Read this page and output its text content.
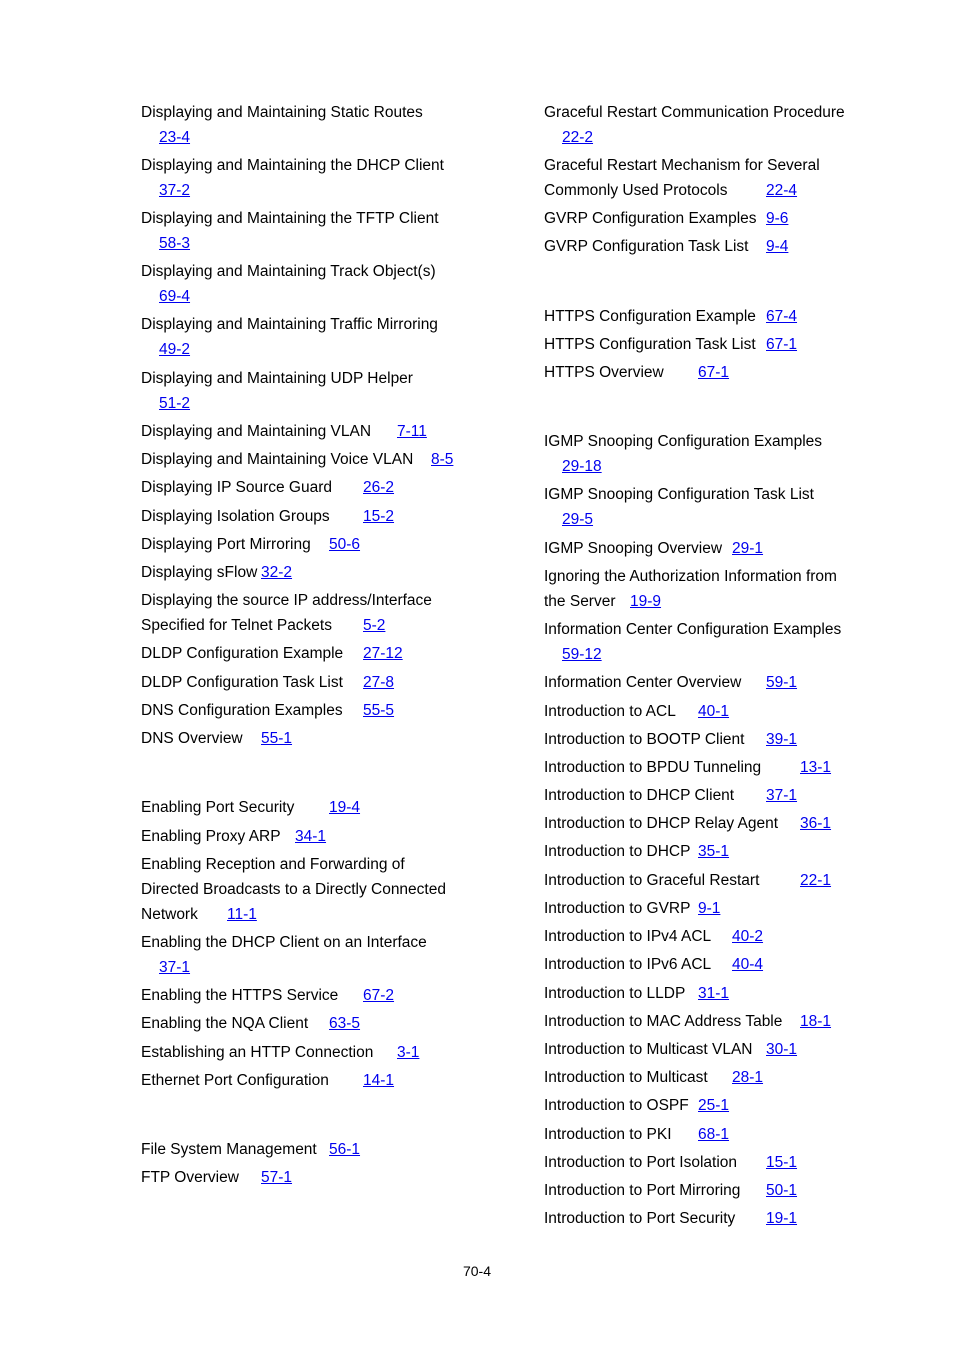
Displaying and Maintaining Static Routes
23-4
Displaying and Maintaining the DHCP Client
37-2
Displaying and Maintaining the TFTP Client
58-3
Displaying and Maintaining Track Object(s)
69-4
Displaying and Maintaining Traffic Mirroring
49-2
Displaying and Maintaining UDP Helper
51-2
Displaying and Maintaining VLAN 7-11
Displaying and Maintaining Voice VLAN 8-5
Displaying IP Source Guard 26-2
Displaying Isolation Groups 15-2
Displaying Port Mirroring 50-6
Displaying sFlow 32-2
Displaying the source IP address/Interface
Specified for Telnet Packets 5-2
DLDP Configuration Example 27-12
DLDP Configuration Task List 27-8
DNS Configuration Examples 55-5
DNS Overview 55-1
Enabling Port Security 19-4
Enabling Proxy ARP 34-1
Enabling Reception and Forwarding of
Directed Broadcasts to a Directly Connected
Network 11-1
Enabling the DHCP Client on an Interface
37-1
Enabling the HTTPS Service 67-2
Enabling the NQA Client 63-5
Establishing an HTTP Connection 3-1
Ethernet Port Configuration 14-1
File System Management 56-1
FTP Overview 57-1
Graceful Restart Communication Procedure
22-2
Graceful Restart Mechanism for Several
Commonly Used Protocols 22-4
GVRP Configuration Examples 9-6
GVRP Configuration Task List 9-4
HTTPS Configuration Example 67-4
HTTPS Configuration Task List 67-1
HTTPS Overview 67-1
IGMP Snooping Configuration Examples
29-18
IGMP Snooping Configuration Task List
29-5
IGMP Snooping Overview 29-1
Ignoring the Authorization Information from
the Server 19-9
Information Center Configuration Examples
59-12
Information Center Overview 59-1
Introduction to ACL 40-1
Introduction to BOOTP Client 39-1
Introduction to BPDU Tunneling	13-1
Introduction to DHCP Client 37-1
Introduction to DHCP Relay Agent 36-1
Introduction to DHCP 35-1
Introduction to Graceful Restart	22-1
Introduction to GVRP 9-1
Introduction to IPv4 ACL 40-2
Introduction to IPv6 ACL 40-4
Introduction to LLDP 31-1
Introduction to MAC Address Table 18-1
Introduction to Multicast VLAN 30-1
Introduction to Multicast 28-1
Introduction to OSPF 25-1
Introduction to PKI 68-1
Introduction to Port Isolation 15-1
Introduction to Port Mirroring 50-1
Introduction to Port Security 19-1
70-4
